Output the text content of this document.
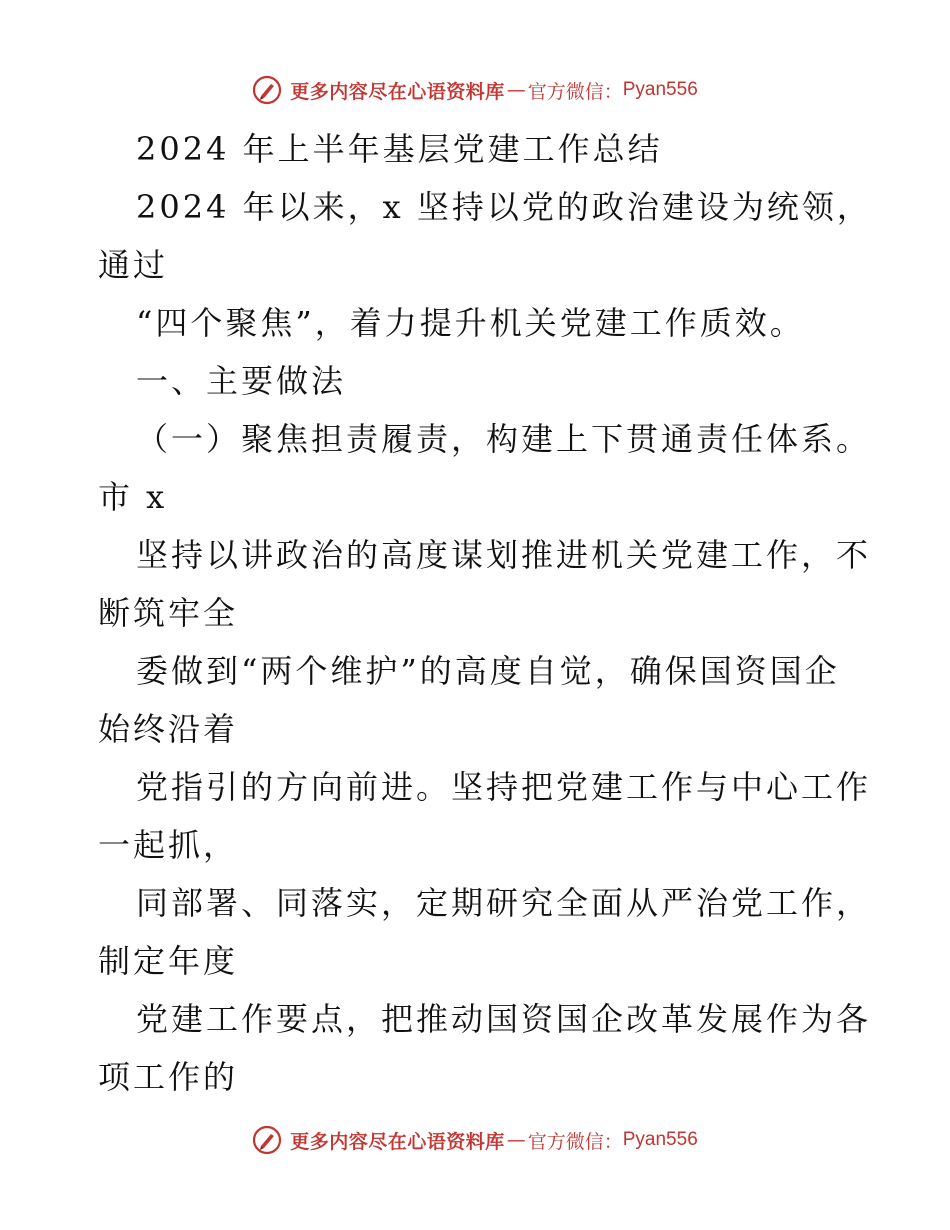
更多内容尽在心语资料库 — 官方微信： Pyan556
2024 年上半年基层党建工作总结
2024 年以来，x 坚持以党的政治建设为统领，
通过
“四个聚焦”，着力提升机关党建工作质效。
一、主要做法
（一）聚焦担责履责，构建上下贯通责任体系。
市 x
坚持以讲政治的高度谋划推进机关党建工作，不
断筑牢全
委做到“两个维护”的高度自觉，确保国资国企
始终沿着
党指引的方向前进。坚持把党建工作与中心工作
一起抓，
同部署、同落实，定期研究全面从严治党工作，
制定年度
党建工作要点，把推动国资国企改革发展作为各
项工作的
更多内容尽在心语资料库 — 官方微信： Pyan556
